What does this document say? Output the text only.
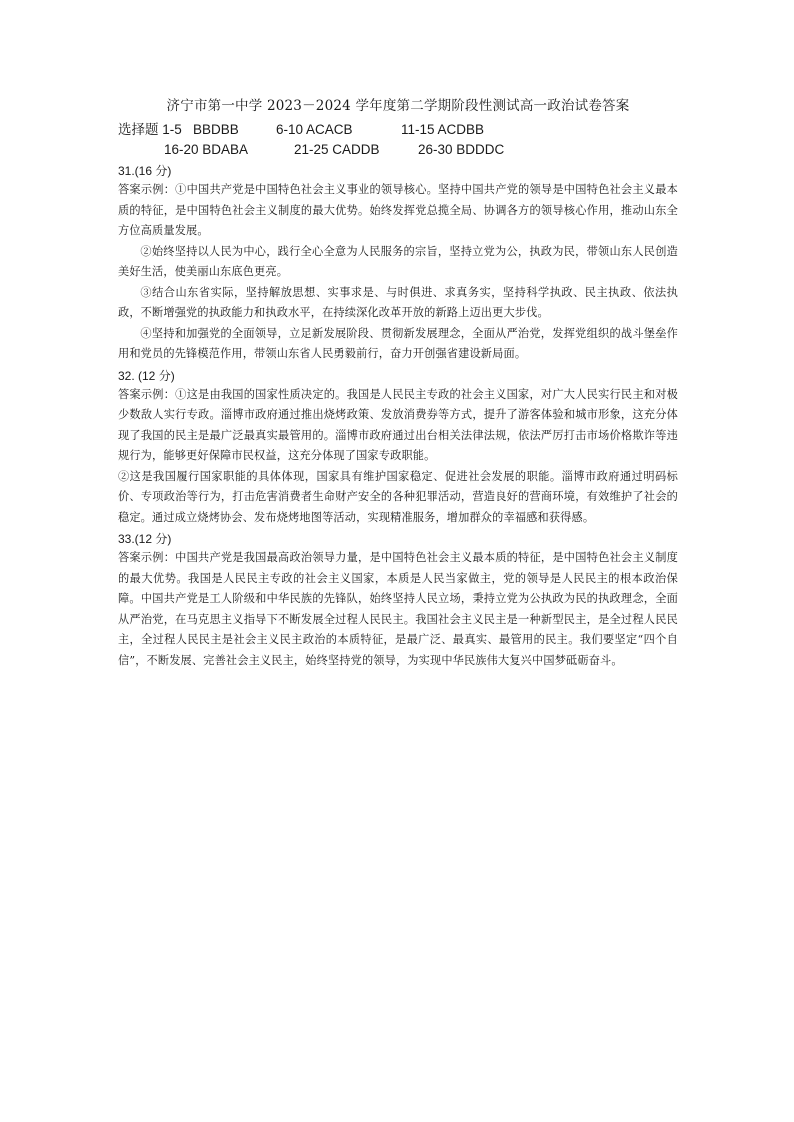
济宁市第一中学 2023－2024 学年度第二学期阶段性测试高一政治试卷答案
选择题 1-5 BBDBB	6-10 ACACB	11-15 ACDBB
16-20 BDABA	21-25 CADDB	26-30 BDDDC
31.(16 分)
答案示例：①中国共产党是中国特色社会主义事业的领导核心。坚持中国共产党的领导是中国特色社会主义最本质的特征，是中国特色社会主义制度的最大优势。始终发挥党总揽全局、协调各方的领导核心作用，推动山东全方位高质量发展。
②始终坚持以人民为中心，践行全心全意为人民服务的宗旨，坚持立党为公，执政为民，带领山东人民创造美好生活，使美丽山东底色更亮。
③结合山东省实际，坚持解放思想、实事求是、与时俱进、求真务实，坚持科学执政、民主执政、依法执政，不断增强党的执政能力和执政水平，在持续深化改革开放的新路上迈出更大步伐。
④坚持和加强党的全面领导，立足新发展阶段、贯彻新发展理念，全面从严治党，发挥党组织的战斗堡垒作用和党员的先锋模范作用，带领山东省人民勇毅前行，奋力开创强省建设新局面。
32. (12 分)
答案示例：①这是由我国的国家性质决定的。我国是人民民主专政的社会主义国家，对广大人民实行民主和对极少数敌人实行专政。淄博市政府通过推出烧烤政策、发放消费券等方式，提升了游客体验和城市形象，这充分体现了我国的民主是最广泛最真实最管用的。淄博市政府通过出台相关法律法规，依法严厉打击市场价格欺诈等违规行为，能够更好保障市民权益，这充分体现了国家专政职能。
②这是我国履行国家职能的具体体现，国家具有维护国家稳定、促进社会发展的职能。淄博市政府通过明码标价、专项政治等行为，打击危害消费者生命财产安全的各种犯罪活动，营造良好的营商环境，有效维护了社会的稳定。通过成立烧烤协会、发布烧烤地图等活动，实现精准服务，增加群众的幸福感和获得感。
33.(12 分)
答案示例：中国共产党是我国最高政治领导力量，是中国特色社会主义最本质的特征，是中国特色社会主义制度的最大优势。我国是人民民主专政的社会主义国家，本质是人民当家做主，党的领导是人民民主的根本政治保障。中国共产党是工人阶级和中华民族的先锋队，始终坚持人民立场，秉持立党为公执政为民的执政理念，全面从严治党，在马克思主义指导下不断发展全过程人民民主。我国社会主义民主是一种新型民主，是全过程人民民主，全过程人民民主是社会主义民主政治的本质特征，是最广泛、最真实、最管用的民主。我们要坚定“四个自信”，不断发展、完善社会主义民主，始终坚持党的领导，为实现中华民族伟大复兴中国梦砥砺奋斗。
